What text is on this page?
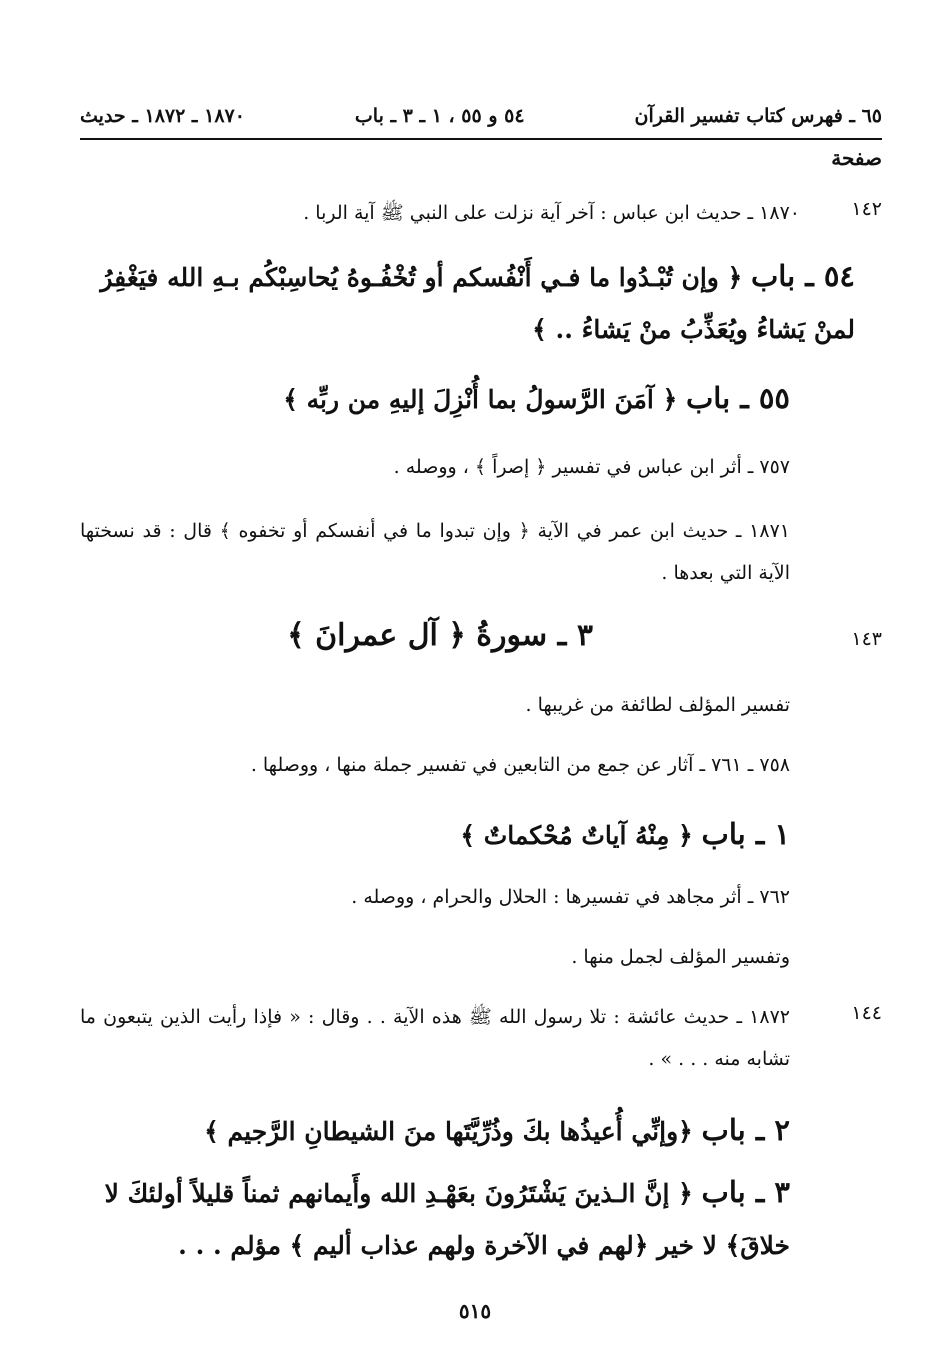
٦٥ ـ فهرس كتاب تفسير القرآن
٥٤ و ٥٥ ، ١ ـ ٣ ـ باب
١٨٧٠ ـ ١٨٧٢ ـ حديث
صفحة
١٤٢
١٨٧٠ ـ حديث ابن عباس : آخر آية نزلت على النبي ﷺ آية الربا .
٥٤ ـ باب ﴿ وإن تُبْـدُوا ما فـي أَنْفُسكم أو تُخْفُـوهُ يُحاسِبْكُم بـهِ الله فيَغْفِرُ لمنْ يَشاءُ ويُعَذِّبُ منْ يَشاءُ .. ﴾
٥٥ ـ باب ﴿ آمَنَ الرَّسولُ بما أُنْزِلَ إليهِ من ربِّه ﴾
٧٥٧ ـ أثر ابن عباس في تفسير ﴿ إصراً ﴾ ، ووصله .
١٨٧١ ـ حديث ابن عمر في الآية ﴿ وإن تبدوا ما في أنفسكم أو تخفوه ﴾ قال : قد نسختها الآية التي بعدها .
١٤٣
٣ ـ سورةُ ﴿ آل عمرانَ ﴾
تفسير المؤلف لطائفة من غريبها .
٧٥٨ ـ ٧٦١ ـ آثار عن جمع من التابعين في تفسير جملة منها ، ووصلها .
١ ـ باب ﴿ مِنْهُ آياتٌ مُحْكماتٌ ﴾
٧٦٢ ـ أثر مجاهد في تفسيرها : الحلال والحرام ، ووصله .
وتفسير المؤلف لجمل منها .
١٤٤
١٨٧٢ ـ حديث عائشة : تلا رسول الله ﷺ هذه الآية . . وقال : « فإذا رأيت الذين يتبعون ما تشابه منه . . . » .
٢ ـ باب ﴿وإنِّي أُعيذُها بكَ وذُرِّيَّتَها منَ الشيطانِ الرَّجيم ﴾
٣ ـ باب ﴿ إنَّ الـذينَ يَشْتَرُونَ بعَهْـدِ الله وأَيمانهم ثمناً قليلاً أولئكَ لا خلاقَ﴾ لا خير ﴿لهم في الآخرة ولهم عذاب أليم ﴾ مؤلم . . .
٥١٥
